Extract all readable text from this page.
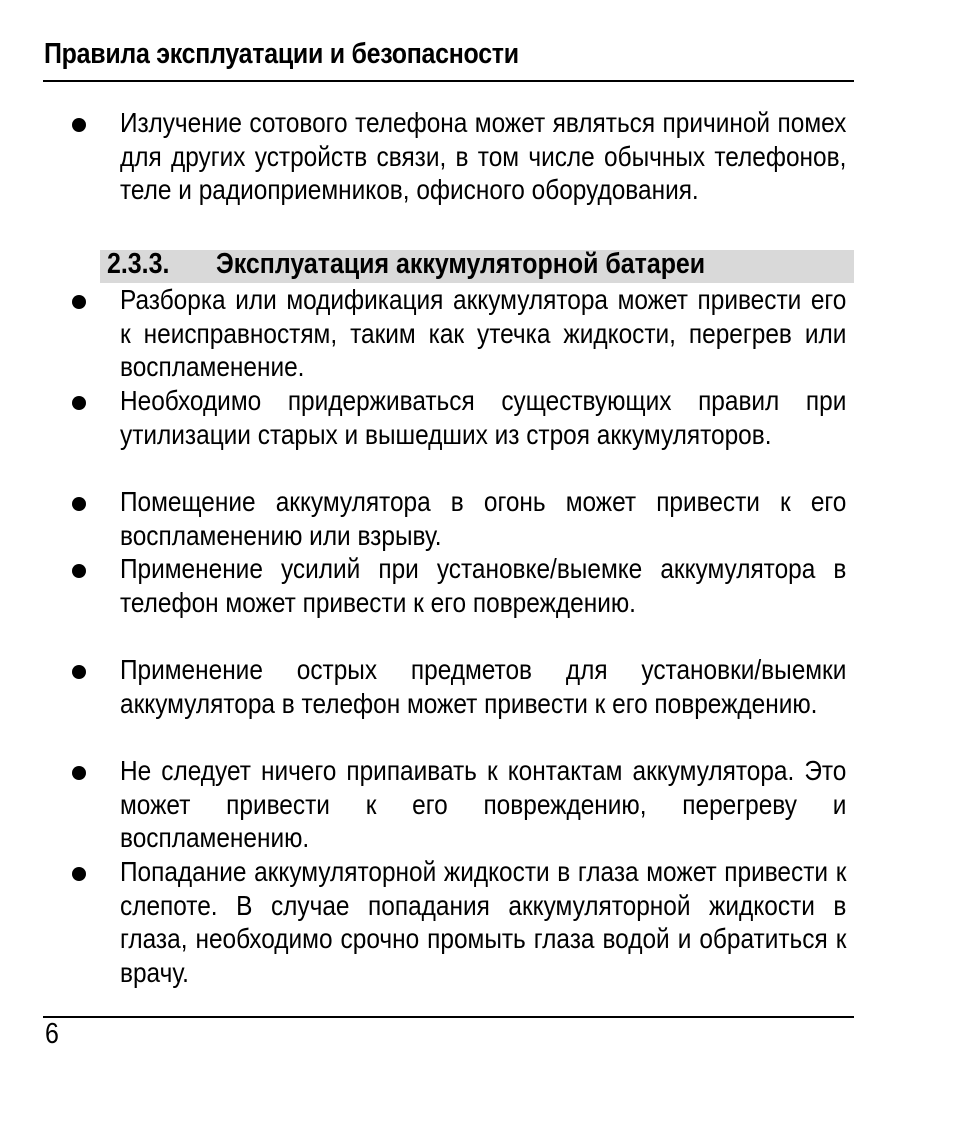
Правила эксплуатации и безопасности
Излучение сотового телефона может являться причиной помех для других устройств связи, в том числе обычных телефонов, теле и радиоприемников, офисного оборудования.
2.3.3. Эксплуатация аккумуляторной батареи
Разборка или модификация аккумулятора может привести его к неисправностям, таким как утечка жидкости, перегрев или воспламенение.
Необходимо придерживаться существующих правил при утилизации старых и вышедших из строя аккумуляторов.
Помещение аккумулятора в огонь может привести к его воспламенению или взрыву.
Применение усилий при установке/выемке аккумулятора в телефон может привести к его повреждению.
Применение острых предметов для установки/выемки аккумулятора в телефон может привести к его повреждению.
Не следует ничего припаивать к контактам аккумулятора. Это может привести к его повреждению, перегреву и воспламенению.
Попадание аккумуляторной жидкости в глаза может привести к слепоте. В случае попадания аккумуляторной жидкости в глаза, необходимо срочно промыть глаза водой и обратиться к врачу.
6
